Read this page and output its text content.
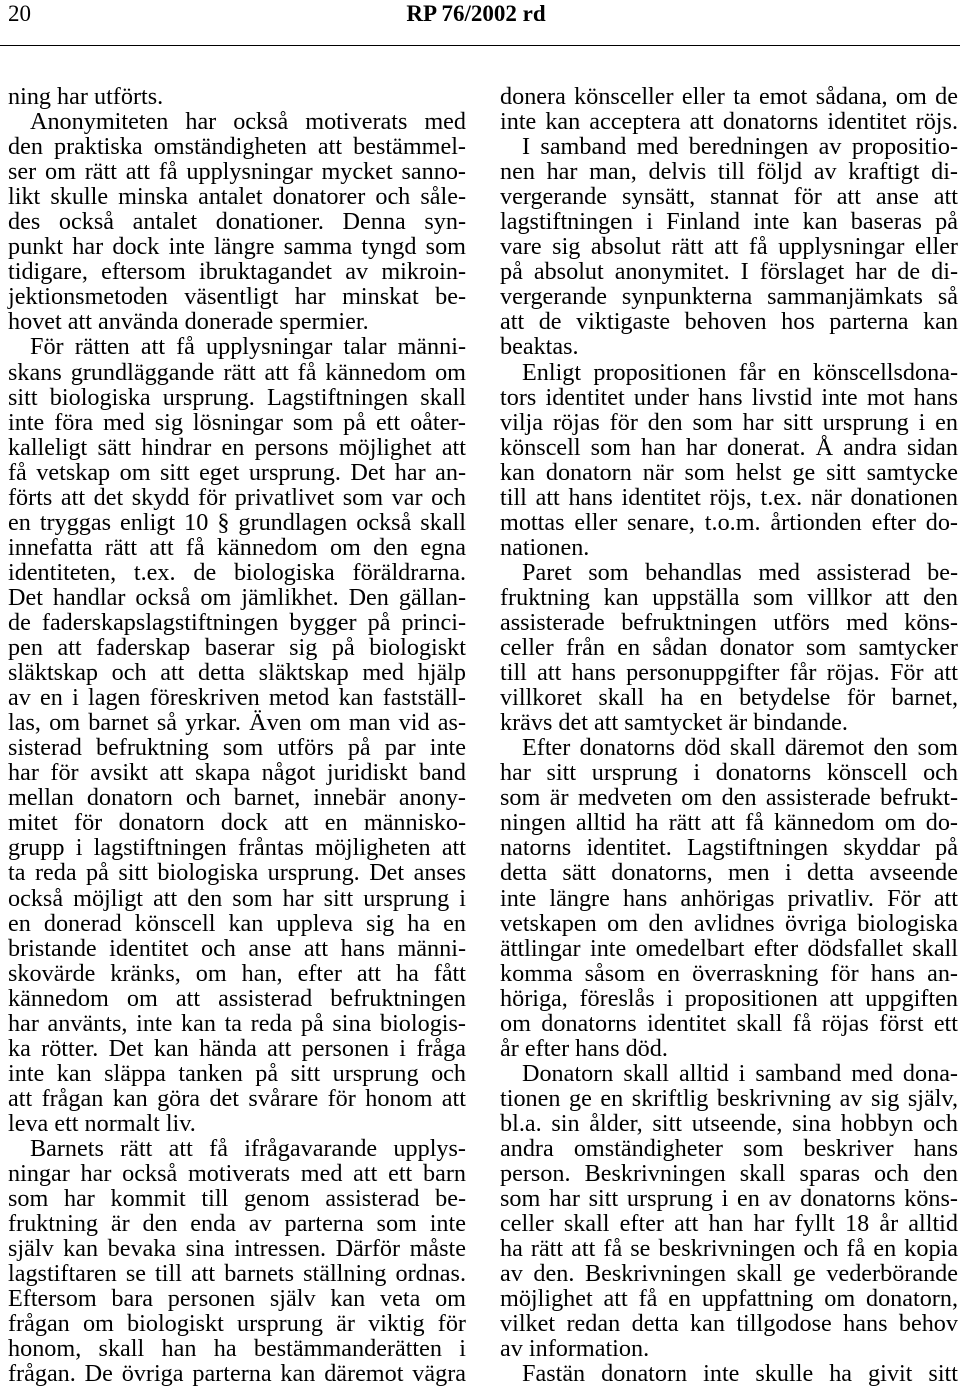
20	RP 76/2002 rd
ning har utförts.
Anonymiteten har också motiverats med
den praktiska omständigheten att bestämmel-
ser om rätt att få upplysningar mycket sanno-
likt skulle minska antalet donatorer och såle-
des också antalet donationer. Denna syn-
punkt har dock inte längre samma tyngd som
tidigare, eftersom ibruktagandet av mikroin-
jektionsmetoden väsentligt har minskat be-
hovet att använda donerade spermier.
För rätten att få upplysningar talar männi-
skans grundläggande rätt att få kännedom om
sitt biologiska ursprung. Lagstiftningen skall
inte föra med sig lösningar som på ett oåter-
kalleligt sätt hindrar en persons möjlighet att
få vetskap om sitt eget ursprung. Det har an-
förts att det skydd för privatlivet som var och
en tryggas enligt 10 § grundlagen också skall
innefatta rätt att få kännedom om den egna
identiteten, t.ex. de biologiska föräldrarna.
Det handlar också om jämlikhet. Den gällan-
de faderskapslagstiftningen bygger på princi-
pen att faderskap baserar sig på biologiskt
släktskap och att detta släktskap med hjälp
av en i lagen föreskriven metod kan fastställ-
las, om barnet så yrkar. Även om man vid as-
sisterad befruktning som utförs på par inte
har för avsikt att skapa något juridiskt band
mellan donatorn och barnet, innebär anony-
mitet för donatorn dock att en människo-
grupp i lagstiftningen fråntas möjligheten att
ta reda på sitt biologiska ursprung. Det anses
också möjligt att den som har sitt ursprung i
en donerad könscell kan uppleva sig ha en
bristande identitet och anse att hans männi-
skovärde kränks, om han, efter att ha fått
kännedom om att assisterad befruktningen
har använts, inte kan ta reda på sina biologis-
ka rötter. Det kan hända att personen i fråga
inte kan släppa tanken på sitt ursprung och
att frågan kan göra det svårare för honom att
leva ett normalt liv.
Barnets rätt att få ifrågavarande upplys-
ningar har också motiverats med att ett barn
som har kommit till genom assisterad be-
fruktning är den enda av parterna som inte
själv kan bevaka sina intressen. Därför måste
lagstiftaren se till att barnets ställning ordnas.
Eftersom bara personen själv kan veta om
frågan om biologiskt ursprung är viktig för
honom, skall han ha bestämmanderätten i
frågan. De övriga parterna kan däremot vägra
donera könsceller eller ta emot sådana, om de
inte kan acceptera att donatorns identitet röjs.
I samband med beredningen av propositio-
nen har man, delvis till följd av kraftigt di-
vergerande synsätt, stannat för att anse att
lagstiftningen i Finland inte kan baseras på
vare sig absolut rätt att få upplysningar eller
på absolut anonymitet. I förslaget har de di-
vergerande synpunkterna sammanjämkats så
att de viktigaste behoven hos parterna kan
beaktas.
Enligt propositionen får en könscellsdona-
tors identitet under hans livstid inte mot hans
vilja röjas för den som har sitt ursprung i en
könscell som han har donerat. Å andra sidan
kan donatorn när som helst ge sitt samtycke
till att hans identitet röjs, t.ex. när donationen
mottas eller senare, t.o.m. årtionden efter do-
nationen.
Paret som behandlas med assisterad be-
fruktning kan uppställa som villkor att den
assisterade befruktningen utförs med köns-
celler från en sådan donator som samtycker
till att hans personuppgifter får röjas. För att
villkoret skall ha en betydelse för barnet,
krävs det att samtycket är bindande.
Efter donatorns död skall däremot den som
har sitt ursprung i donatorns könscell och
som är medveten om den assisterade befrukt-
ningen alltid ha rätt att få kännedom om do-
natorns identitet. Lagstiftningen skyddar på
detta sätt donatorns, men i detta avseende
inte längre hans anhörigas privatliv. För att
vetskapen om den avlidnes övriga biologiska
ättlingar inte omedelbart efter dödsfallet skall
komma såsom en överraskning för hans an-
höriga, föreslås i propositionen att uppgiften
om donatorns identitet skall få röjas först ett
år efter hans död.
Donatorn skall alltid i samband med dona-
tionen ge en skriftlig beskrivning av sig själv,
bl.a. sin ålder, sitt utseende, sina hobbyn och
andra omständigheter som beskriver hans
person. Beskrivningen skall sparas och den
som har sitt ursprung i en av donatorns köns-
celler skall efter att han har fyllt 18 år alltid
ha rätt att få se beskrivningen och få en kopia
av den. Beskrivningen skall ge vederbörande
möjlighet att få en uppfattning om donatorn,
vilket redan detta kan tillgodose hans behov
av information.
Fastän donatorn inte skulle ha givit sitt
